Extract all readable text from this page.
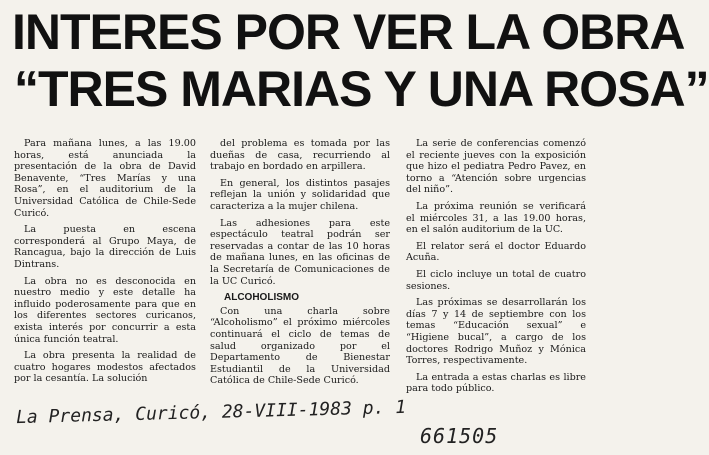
INTERES POR VER LA OBRA
“TRES MARIAS Y UNA ROSA”

Para mañana lunes, a las 19.00 horas, está anunciada la presentación de la obra de David Benavente, “Tres Marías y una Rosa”, en el auditorium de la Universidad Católica de Chile-Sede Curicó.

La puesta en escena corresponderá al Grupo Maya, de Rancagua, bajo la dirección de Luis Dintrans.

La obra no es desconocida en nuestro medio y este detalle ha influido poderosamente para que en los diferentes sectores curicanos, exista interés por concurrir a esta única función teatral.

La obra presenta la realidad de cuatro hogares modestos afectados por la cesantía. La solución

del problema es tomada por las dueñas de casa, recurriendo al trabajo en bordado en arpillera.

En general, los distintos pasajes reflejan la unión y solidaridad que caracteriza a la mujer chilena.

Las adhesiones para este espectáculo teatral podrán ser reservadas a contar de las 10 horas de mañana lunes, en las oficinas de la Secretaría de Comunicaciones de la UC Curicó.

ALCOHOLISMO

Con una charla sobre “Alcoholismo” el próximo miércoles continuará el ciclo de temas de salud organizado por el Departamento de Bienestar Estudiantil de la Universidad Católica de Chile-Sede Curicó.

La serie de conferencias comenzó el reciente jueves con la exposición que hizo el pediatra Pedro Pavez, en torno a “Atención sobre urgencias del niño”.

La próxima reunión se verificará el miércoles 31, a las 19.00 horas, en el salón auditorium de la UC.

El relator será el doctor Eduardo Acuña.

El ciclo incluye un total de cuatro sesiones.

Las próximas se desarrollarán los días 7 y 14 de septiembre con los temas “Educación sexual” e “Higiene bucal”, a cargo de los doctores Rodrigo Muñoz y Mónica Torres, respectivamente.

La entrada a estas charlas es libre para todo público.

La Prensa, Curicó, 28-VIII-1983 p. 1
661505
